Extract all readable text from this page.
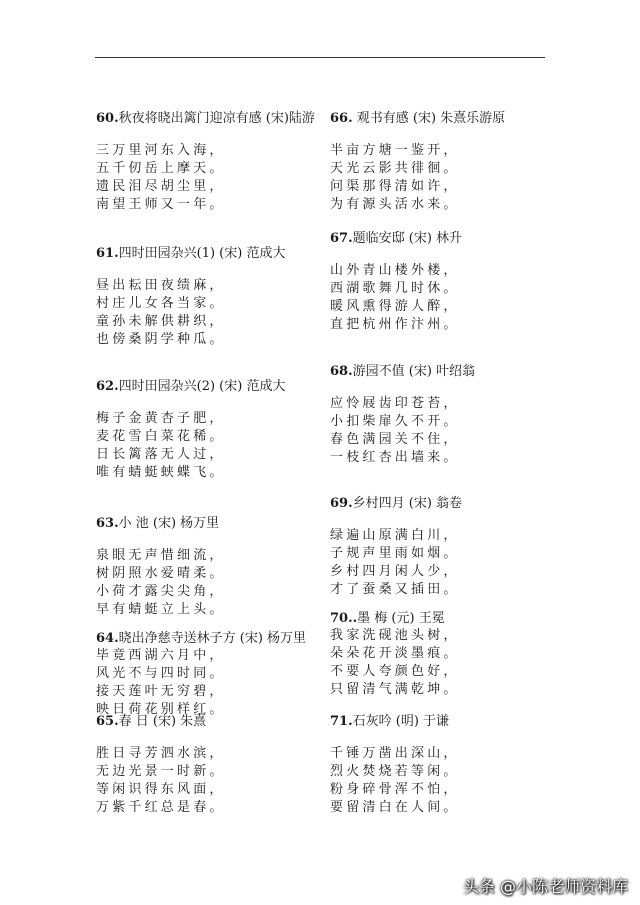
60.秋夜将晓出篱门迎凉有感 (宋)陆游
三万里河东入海，
五千仞岳上摩天。
遗民泪尽胡尘里，
南望王师又一年。
61.四时田园杂兴(1) (宋) 范成大
昼出耘田夜绩麻，
村庄儿女各当家。
童孙未解供耕织，
也傍桑阴学种瓜。
62.四时田园杂兴(2) (宋) 范成大
梅子金黄杏子肥，
麦花雪白菜花稀。
日长篱落无人过，
唯有蜻蜓蛱蝶飞。
63.小 池 (宋) 杨万里
泉眼无声惜细流，
树阴照水爱晴柔。
小荷才露尖尖角，
早有蜻蜓立上头。
64.晓出净慈寺送林子方 (宋) 杨万里
毕竟西湖六月中，
风光不与四时同。
接天莲叶无穷碧，
映日荷花别样红。
65.春 日 (宋) 朱熹
胜日寻芳泗水滨，
无边光景一时新。
等闲识得东风面，
万紫千红总是春。
66. 观书有感 (宋) 朱熹乐游原
半亩方塘一鉴开，
天光云影共徘徊。
问渠那得清如许，
为有源头活水来。
67.题临安邸 (宋) 林升
山外青山楼外楼，
西湖歌舞几时休。
暖风熏得游人醉，
直把杭州作汴州。
68.游园不值 (宋) 叶绍翁
应怜屐齿印苍苔，
小扣柴扉久不开。
春色满园关不住，
一枝红杏出墙来。
69.乡村四月 (宋) 翁卷
绿遍山原满白川，
子规声里雨如烟。
乡村四月闲人少，
才了蚕桑又插田。
70..墨 梅 (元) 王冕
我家洗砚池头树，
朵朵花开淡墨痕。
不要人夸颜色好，
只留清气满乾坤。
71.石灰吟 (明) 于谦
千锤万凿出深山，
烈火焚烧若等闲。
粉身碎骨浑不怕，
要留清白在人间。
头条 @小陈老师资料库
